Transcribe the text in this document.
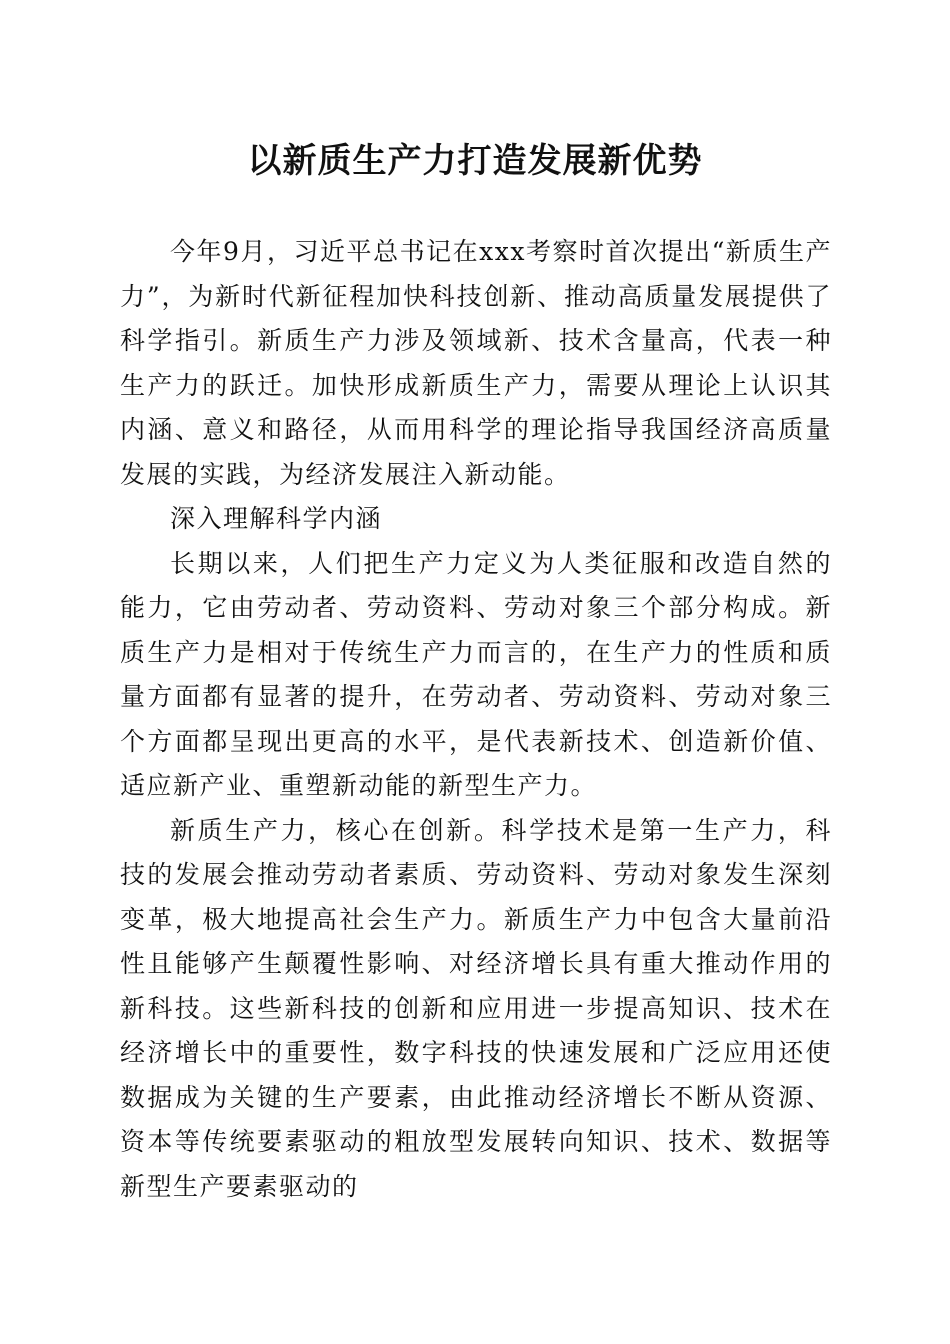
以新质生产力打造发展新优势

今年9月，习近平总书记在xxx考察时首次提出“新质生产力”，为新时代新征程加快科技创新、推动高质量发展提供了科学指引。新质生产力涉及领域新、技术含量高，代表一种生产力的跃迁。加快形成新质生产力，需要从理论上认识其内涵、意义和路径，从而用科学的理论指导我国经济高质量发展的实践，为经济发展注入新动能。

深入理解科学内涵

长期以来，人们把生产力定义为人类征服和改造自然的能力，它由劳动者、劳动资料、劳动对象三个部分构成。新质生产力是相对于传统生产力而言的，在生产力的性质和质量方面都有显著的提升，在劳动者、劳动资料、劳动对象三个方面都呈现出更高的水平，是代表新技术、创造新价值、适应新产业、重塑新动能的新型生产力。

新质生产力，核心在创新。科学技术是第一生产力，科技的发展会推动劳动者素质、劳动资料、劳动对象发生深刻变革，极大地提高社会生产力。新质生产力中包含大量前沿性且能够产生颠覆性影响、对经济增长具有重大推动作用的新科技。这些新科技的创新和应用进一步提高知识、技术在经济增长中的重要性，数字科技的快速发展和广泛应用还使数据成为关键的生产要素，由此推动经济增长不断从资源、资本等传统要素驱动的粗放型发展转向知识、技术、数据等新型生产要素驱动的
